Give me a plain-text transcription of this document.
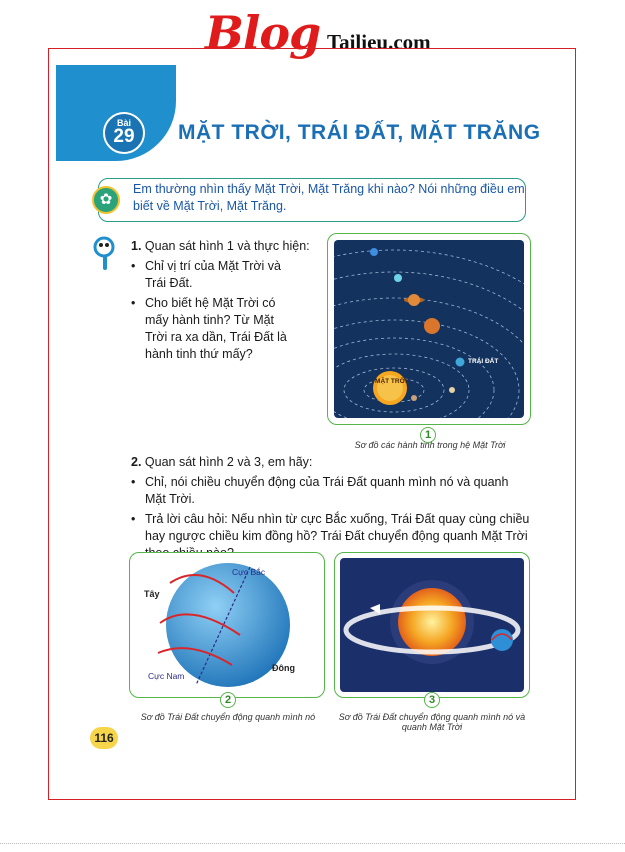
Blog Tailieu.com
Bài
29	MẶT TRỜI, TRÁI ĐẤT, MẶT TRĂNG
Em thường nhìn thấy Mặt Trời, Mặt Trăng khi nào? Nói những điều em biết về Mặt Trời, Mặt Trăng.
✿
1. Quan sát hình 1 và thực hiện:
• Chỉ vị trí của Mặt Trời và Trái Đất.
• Cho biết hệ Mặt Trời có mấy hành tinh? Từ Mặt Trời ra xa dần, Trái Đất là hành tinh thứ mấy?
MẶT TRỜI
TRÁI ĐẤT
1
Sơ đồ các hành tinh trong hệ Mặt Trời
2. Quan sát hình 2 và 3, em hãy:
• Chỉ, nói chiều chuyển động của Trái Đất quanh mình nó và quanh Mặt Trời.
• Trả lời câu hỏi: Nếu nhìn từ cực Bắc xuống, Trái Đất quay cùng chiều hay ngược chiều kim đồng hồ? Trái Đất chuyển động quanh Mặt Trời
Cực Bắc
Cực Nam
Tây
Đông
2
Sơ đồ Trái Đất chuyển động quanh mình nó
3
Sơ đồ Trái Đất chuyển động quanh mình nó và quanh Mặt Trời
116
